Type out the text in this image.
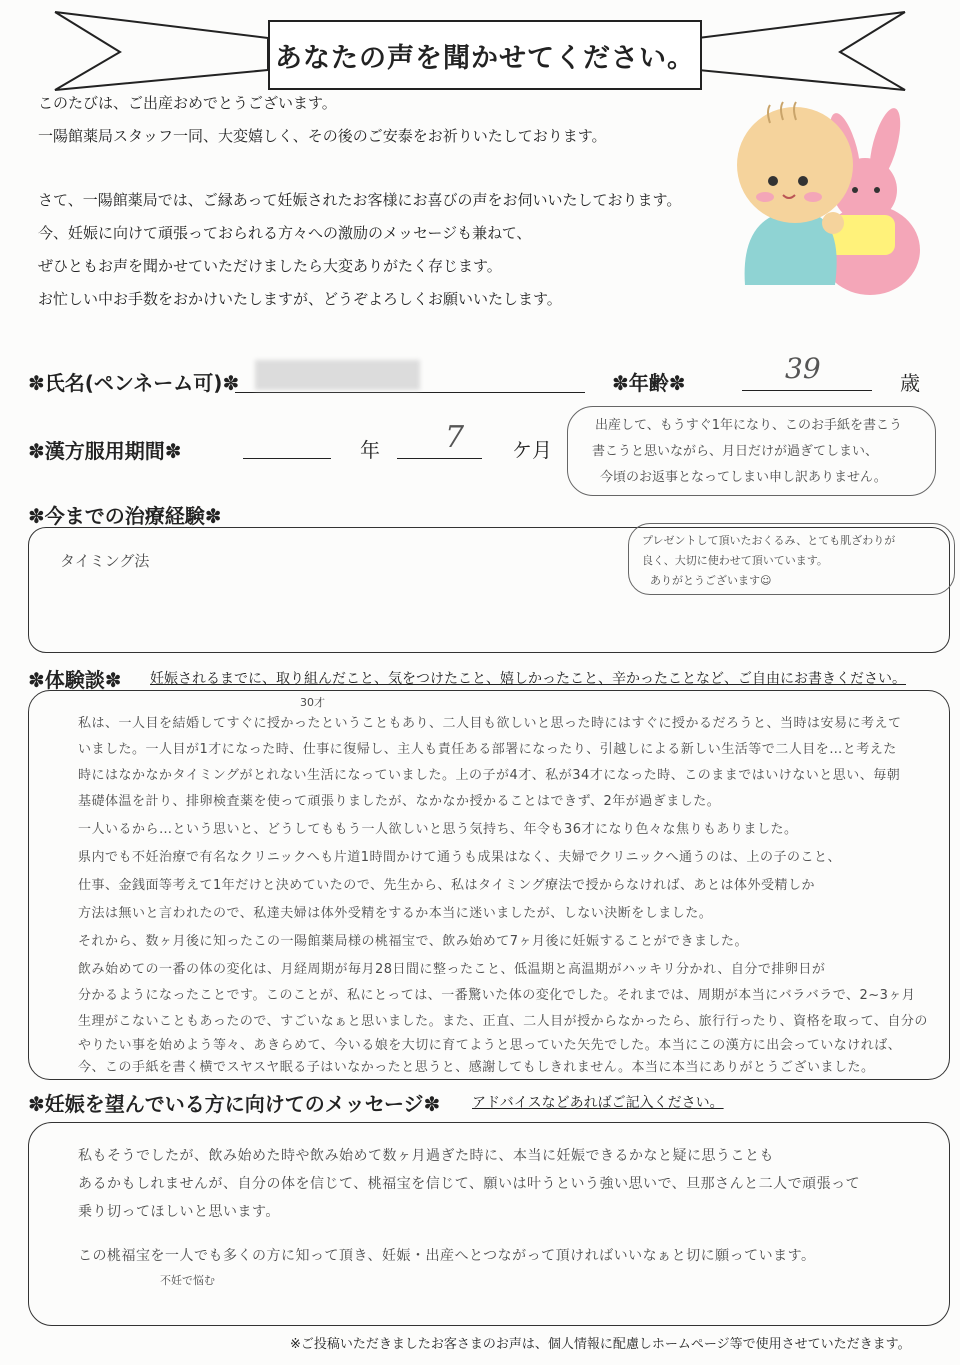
あなたの声を聞かせてください。
このたびは、ご出産おめでとうございます。
一陽館薬局スタッフ一同、大変嬉しく、その後のご安泰をお祈りいたしております。
さて、一陽館薬局では、ご縁あって妊娠されたお客様にお喜びの声をお伺いいたしております。
今、妊娠に向けて頑張っておられる方々への激励のメッセージも兼ねて、
ぜひともお声を聞かせていただけましたら大変ありがたく存じます。
お忙しい中お手数をおかけいたしますが、どうぞよろしくお願いいたします。
✽氏名(ペンネーム可)✽	✽年齢✽	39	歳
✽漢方服用期間✽	年 7 ケ月
出産して、もうすぐ1年になり、このお手紙を書こう
書こうと思いながら、月日だけが過ぎてしまい、
今頃のお返事となってしまい申し訳ありません。
✽今までの治療経験✽
タイミング法
プレゼントして頂いたおくるみ、とても肌ざわりが
良く、大切に使わせて頂いています。
ありがとうございます☺
✽体験談✽ 妊娠されるまでに、取り組んだこと、気をつけたこと、嬉しかったこと、辛かったことなど、ご自由にお書きください。
30才
私は、一人目を結婚してすぐに授かったということもあり、二人目も欲しいと思った時にはすぐに授かるだろうと、当時は安易に考えて
いました。一人目が1才になった時、仕事に復帰し、主人も責任ある部署になったり、引越しによる新しい生活等で二人目を…と考えた
時にはなかなかタイミングがとれない生活になっていました。上の子が4才、私が34才になった時、このままではいけないと思い、毎朝
基礎体温を計り、排卵検査薬を使って頑張りましたが、なかなか授かることはできず、2年が過ぎました。
一人いるから…という思いと、どうしてももう一人欲しいと思う気持ち、年令も36才になり色々な焦りもありました。
県内でも不妊治療で有名なクリニックへも片道1時間かけて通うも成果はなく、夫婦でクリニックへ通うのは、上の子のこと、
仕事、金銭面等考えて1年だけと決めていたので、先生から、私はタイミング療法で授からなければ、あとは体外受精しか
方法は無いと言われたので、私達夫婦は体外受精をするか本当に迷いましたが、しない決断をしました。
それから、数ヶ月後に知ったこの一陽館薬局様の桃福宝で、飲み始めて7ヶ月後に妊娠することができました。
飲み始めての一番の体の変化は、月経周期が毎月28日間に整ったこと、低温期と高温期がハッキリ分かれ、自分で排卵日が
分かるようになったことです。このことが、私にとっては、一番驚いた体の変化でした。それまでは、周期が本当にバラバラで、2~3ヶ月
生理がこないこともあったので、すごいなぁと思いました。また、正直、二人目が授からなかったら、旅行行ったり、資格を取って、自分の
やりたい事を始めよう等々、あきらめて、今いる娘を大切に育てようと思っていた矢先でした。本当にこの漢方に出会っていなければ、
今、この手紙を書く横でスヤスヤ眠る子はいなかったと思うと、感謝してもしきれません。本当に本当にありがとうございました。
✽妊娠を望んでいる方に向けてのメッセージ✽ アドバイスなどあればご記入ください。
私もそうでしたが、飲み始めた時や飲み始めて数ヶ月過ぎた時に、本当に妊娠できるかなと疑に思うことも
あるかもしれませんが、自分の体を信じて、桃福宝を信じて、願いは叶うという強い思いで、旦那さんと二人で頑張って
乗り切ってほしいと思います。
この桃福宝を一人でも多くの方に知って頂き、妊娠・出産へとつながって頂ければいいなぁと切に願っています。
不妊で悩む
※ご投稿いただきましたお客さまのお声は、個人情報に配慮しホームページ等で使用させていただきます。
